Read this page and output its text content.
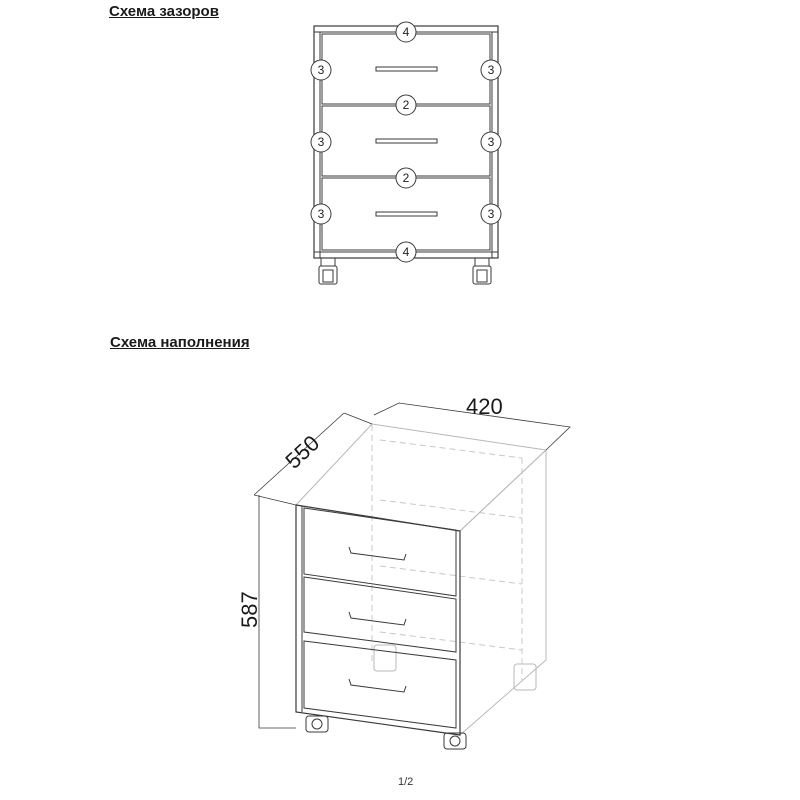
Схема зазоров
Схема наполнения
4
3	3
2
3	3
2
3	3
4
420
550
587
1/2
